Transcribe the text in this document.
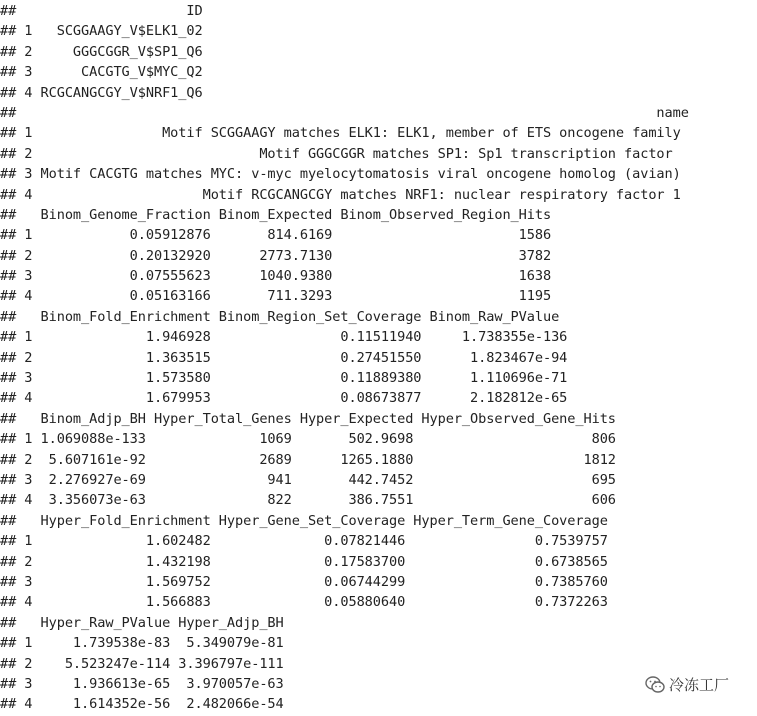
##                     ID
## 1   SCGGAAGY_V$ELK1_02
## 2     GGGCGGR_V$SP1_Q6
## 3      CACGTG_V$MYC_Q2
## 4 RCGCANGCGY_V$NRF1_Q6
##                                                                               name
## 1                Motif SCGGAAGY matches ELK1: ELK1, member of ETS oncogene family
## 2                            Motif GGGCGGR matches SP1: Sp1 transcription factor
## 3 Motif CACGTG matches MYC: v-myc myelocytomatosis viral oncogene homolog (avian)
## 4                     Motif RCGCANGCGY matches NRF1: nuclear respiratory factor 1
##   Binom_Genome_Fraction Binom_Expected Binom_Observed_Region_Hits
## 1            0.05912876       814.6169                       1586
## 2            0.20132920      2773.7130                       3782
## 3            0.07555623      1040.9380                       1638
## 4            0.05163166       711.3293                       1195
##   Binom_Fold_Enrichment Binom_Region_Set_Coverage Binom_Raw_PValue
## 1              1.946928                0.11511940     1.738355e-136
## 2              1.363515                0.27451550      1.823467e-94
## 3              1.573580                0.11889380      1.110696e-71
## 4              1.679953                0.08673877      2.182812e-65
##   Binom_Adjp_BH Hyper_Total_Genes Hyper_Expected Hyper_Observed_Gene_Hits
## 1 1.069088e-133              1069       502.9698                      806
## 2  5.607161e-92              2689      1265.1880                     1812
## 3  2.276927e-69               941       442.7452                      695
## 4  3.356073e-63               822       386.7551                      606
##   Hyper_Fold_Enrichment Hyper_Gene_Set_Coverage Hyper_Term_Gene_Coverage
## 1              1.602482              0.07821446                0.7539757
## 2              1.432198              0.17583700                0.6738565
## 3              1.569752              0.06744299                0.7385760
## 4              1.566883              0.05880640                0.7372263
##   Hyper_Raw_PValue Hyper_Adjp_BH
## 1     1.739538e-83  5.349079e-81
## 2    5.523247e-114 3.396797e-111
## 3     1.936613e-65  3.970057e-63
## 4     1.614352e-56  2.482066e-54
冷冻工厂
